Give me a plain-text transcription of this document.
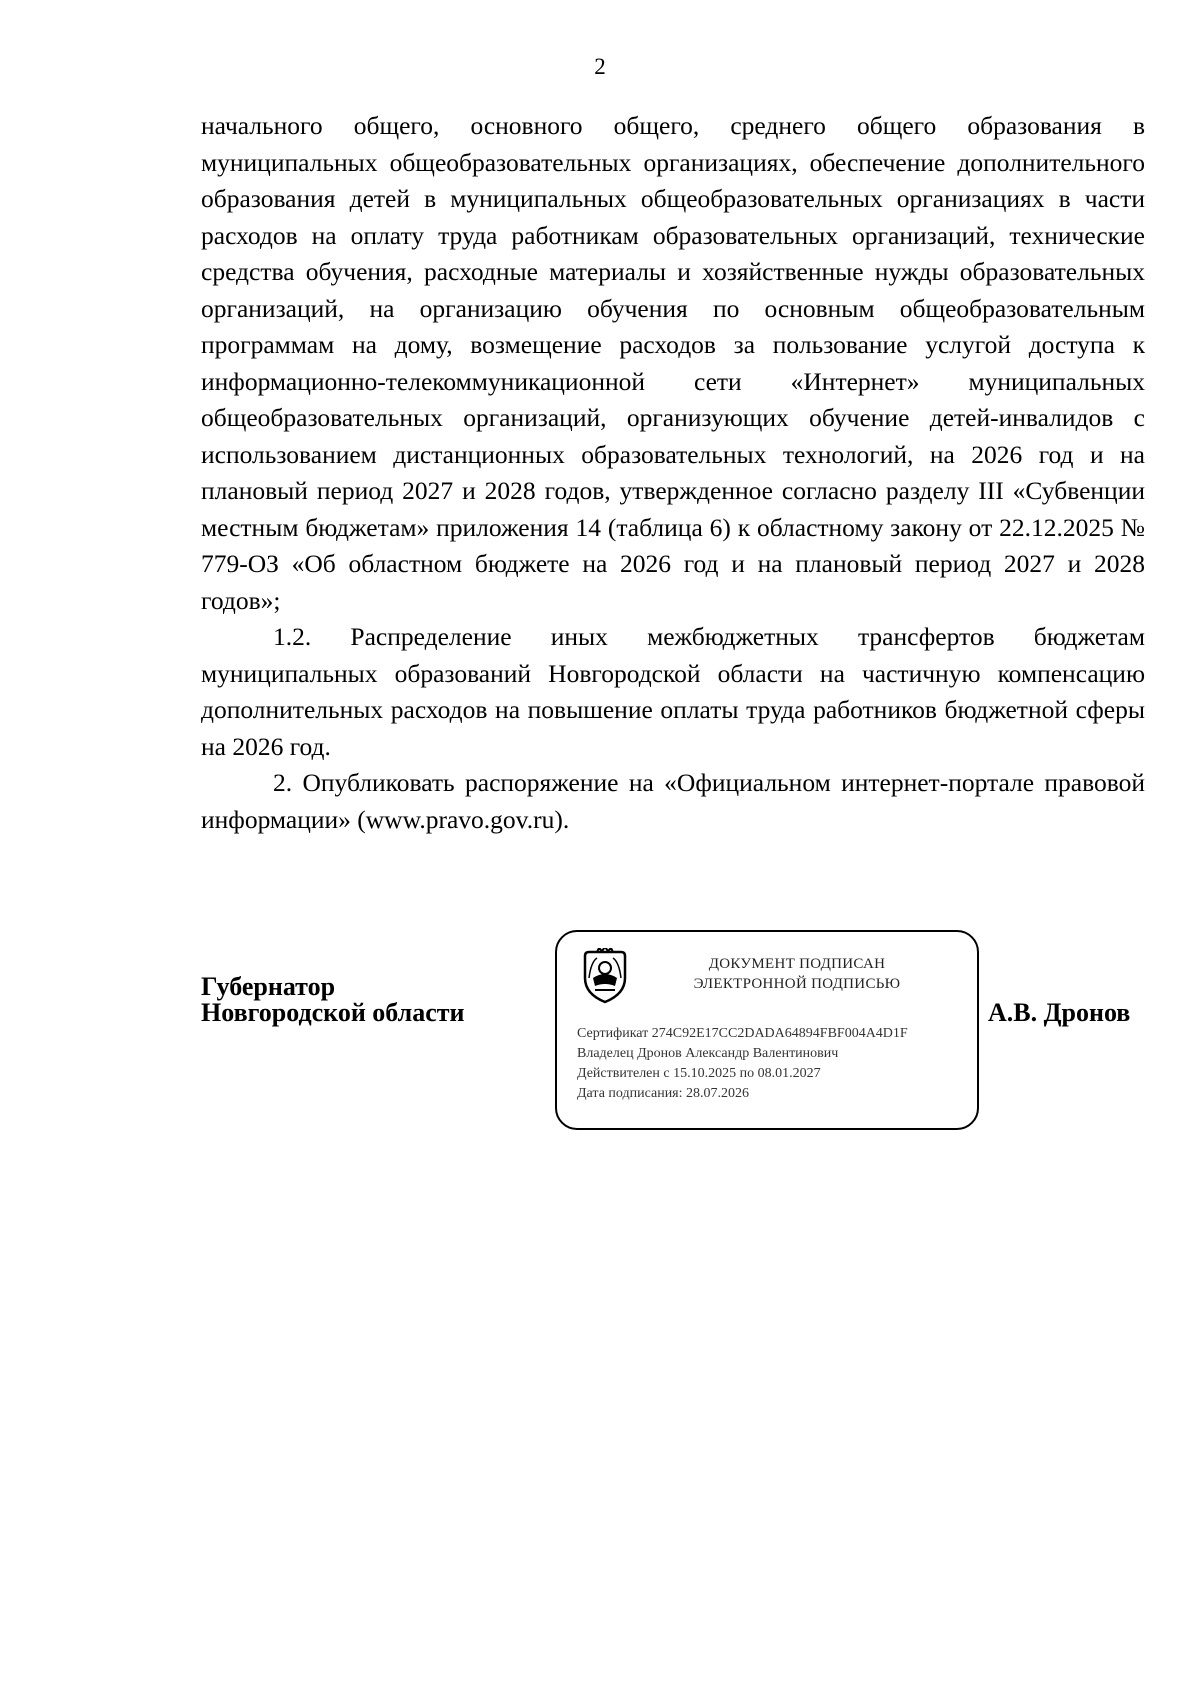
2

начального общего, основного общего, среднего общего образования в муниципальных общеобразовательных организациях, обеспечение дополнительного образования детей в муниципальных общеобразовательных организациях в части расходов на оплату труда работникам образовательных организаций, технические средства обучения, расходные материалы и хозяйственные нужды образовательных организаций, на организацию обучения по основным общеобразовательным программам на дому, возмещение расходов за пользование услугой доступа к информационно-телекоммуникационной сети «Интернет» муниципальных общеобразовательных организаций, организующих обучение детей-инвалидов с использованием дистанционных образовательных технологий, на 2026 год и на плановый период 2027 и 2028 годов, утвержденное согласно разделу III «Субвенции местным бюджетам» приложения 14 (таблица 6) к областному закону от 22.12.2025 № 779-ОЗ «Об областном бюджете на 2026 год и на плановый период 2027 и 2028 годов»;

1.2. Распределение иных межбюджетных трансфертов бюджетам муниципальных образований Новгородской области на частичную компенсацию дополнительных расходов на повышение оплаты труда работников бюджетной сферы на 2026 год.

2. Опубликовать распоряжение на «Официальном интернет-портале правовой информации» (www.pravo.gov.ru).

Губернатор
Новгородской области
ДОКУМЕНТ ПОДПИСАН
ЭЛЕКТРОННОЙ ПОДПИСЬЮ
Сертификат 274C92E17CC2DADA64894FBF004A4D1F
Владелец Дронов Александр Валентинович
Действителен с 15.10.2025 по 08.01.2027
Дата подписания: 28.07.2026
А.В. Дронов
